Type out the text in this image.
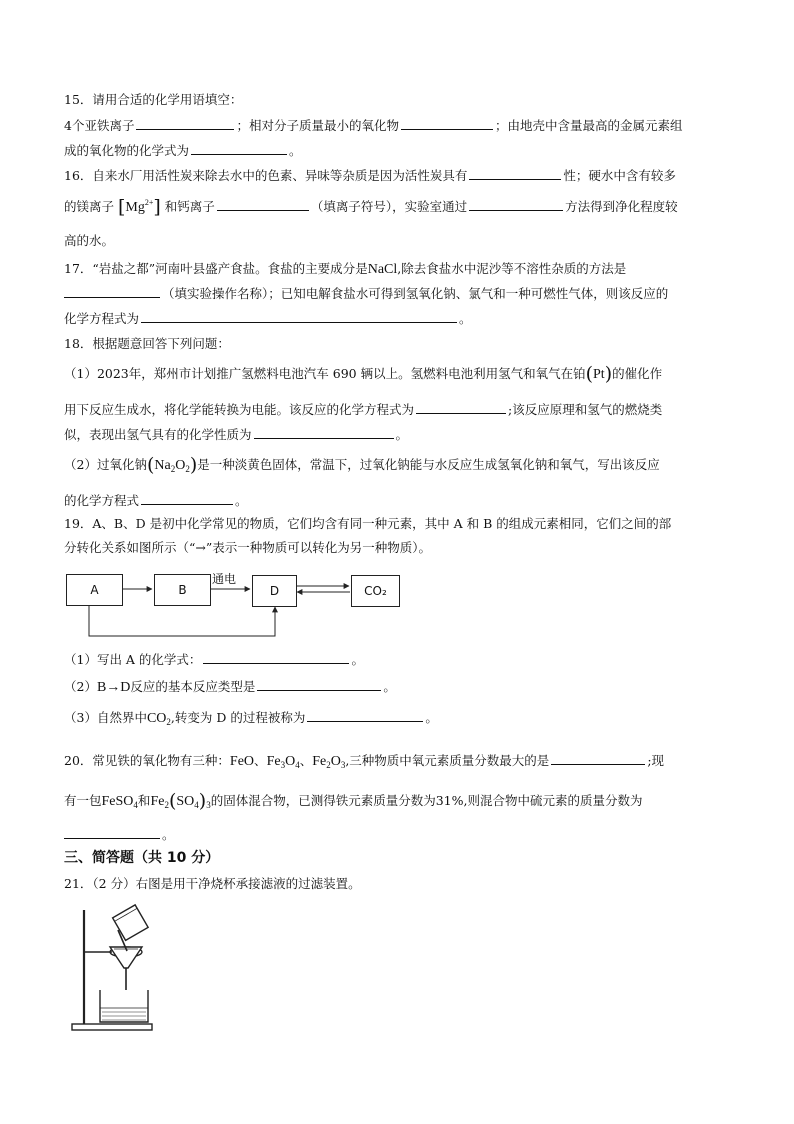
15．请用合适的化学用语填空：
4个亚铁离子	；相对分子质量最小的氧化物	；由地壳中含量最高的金属元素组
成的氧化物的化学式为	。
16．自来水厂用活性炭来除去水中的色素、异味等杂质是因为活性炭具有	性；硬水中含有较多
的镁离子 $[Mg^{2+}]$ 和钙离子	（填离子符号），实验室通过	方法得到净化程度较
高的水。
17．“岩盐之都”河南叶县盛产食盐。食盐的主要成分是NaCl,除去食盐水中泥沙等不溶性杂质的方法是
（填实验操作名称）；已知电解食盐水可得到氢氧化钠、氯气和一种可燃性气体，则该反应的
化学方程式为	。
18．根据题意回答下列问题：
（1）2023年，郑州市计划推广氢燃料电池汽车 690 辆以上。氢燃料电池利用氢气和氧气在铂(Pt)的催化作
用下反应生成水，将化学能转换为电能。该反应的化学方程式为	;该反应原理和氢气的燃烧类
似，表现出氢气具有的化学性质为	。
（2）过氧化钠$(Na_2O_2)$是一种淡黄色固体，常温下，过氧化钠能与水反应生成氢氧化钠和氧气，写出该反应
的化学方程式	。
19．A、B、D 是初中化学常见的物质，它们均含有同一种元素，其中 A 和 B 的组成元素相同，它们之间的部
分转化关系如图所示（“→”表示一种物质可以转化为另一种物质）。
A	B	D	CO₂
通电
（1）写出 A 的化学式：	。
（2）B→D反应的基本反应类型是	。
（3）自然界中$CO_2$,转变为 D 的过程被称为	。
20．常见铁的氧化物有三种：FeO、$Fe_3O_4$、$Fe_2O_3$,三种物质中氧元素质量分数最大的是	;现
有一包FeSO$_4$和$Fe_2(SO_4)_3$的固体混合物，已测得铁元素质量分数为31%,则混合物中硫元素的质量分数为
。
三、简答题（共 10 分）
21．（2 分）右图是用干净烧杯承接滤液的过滤装置。
